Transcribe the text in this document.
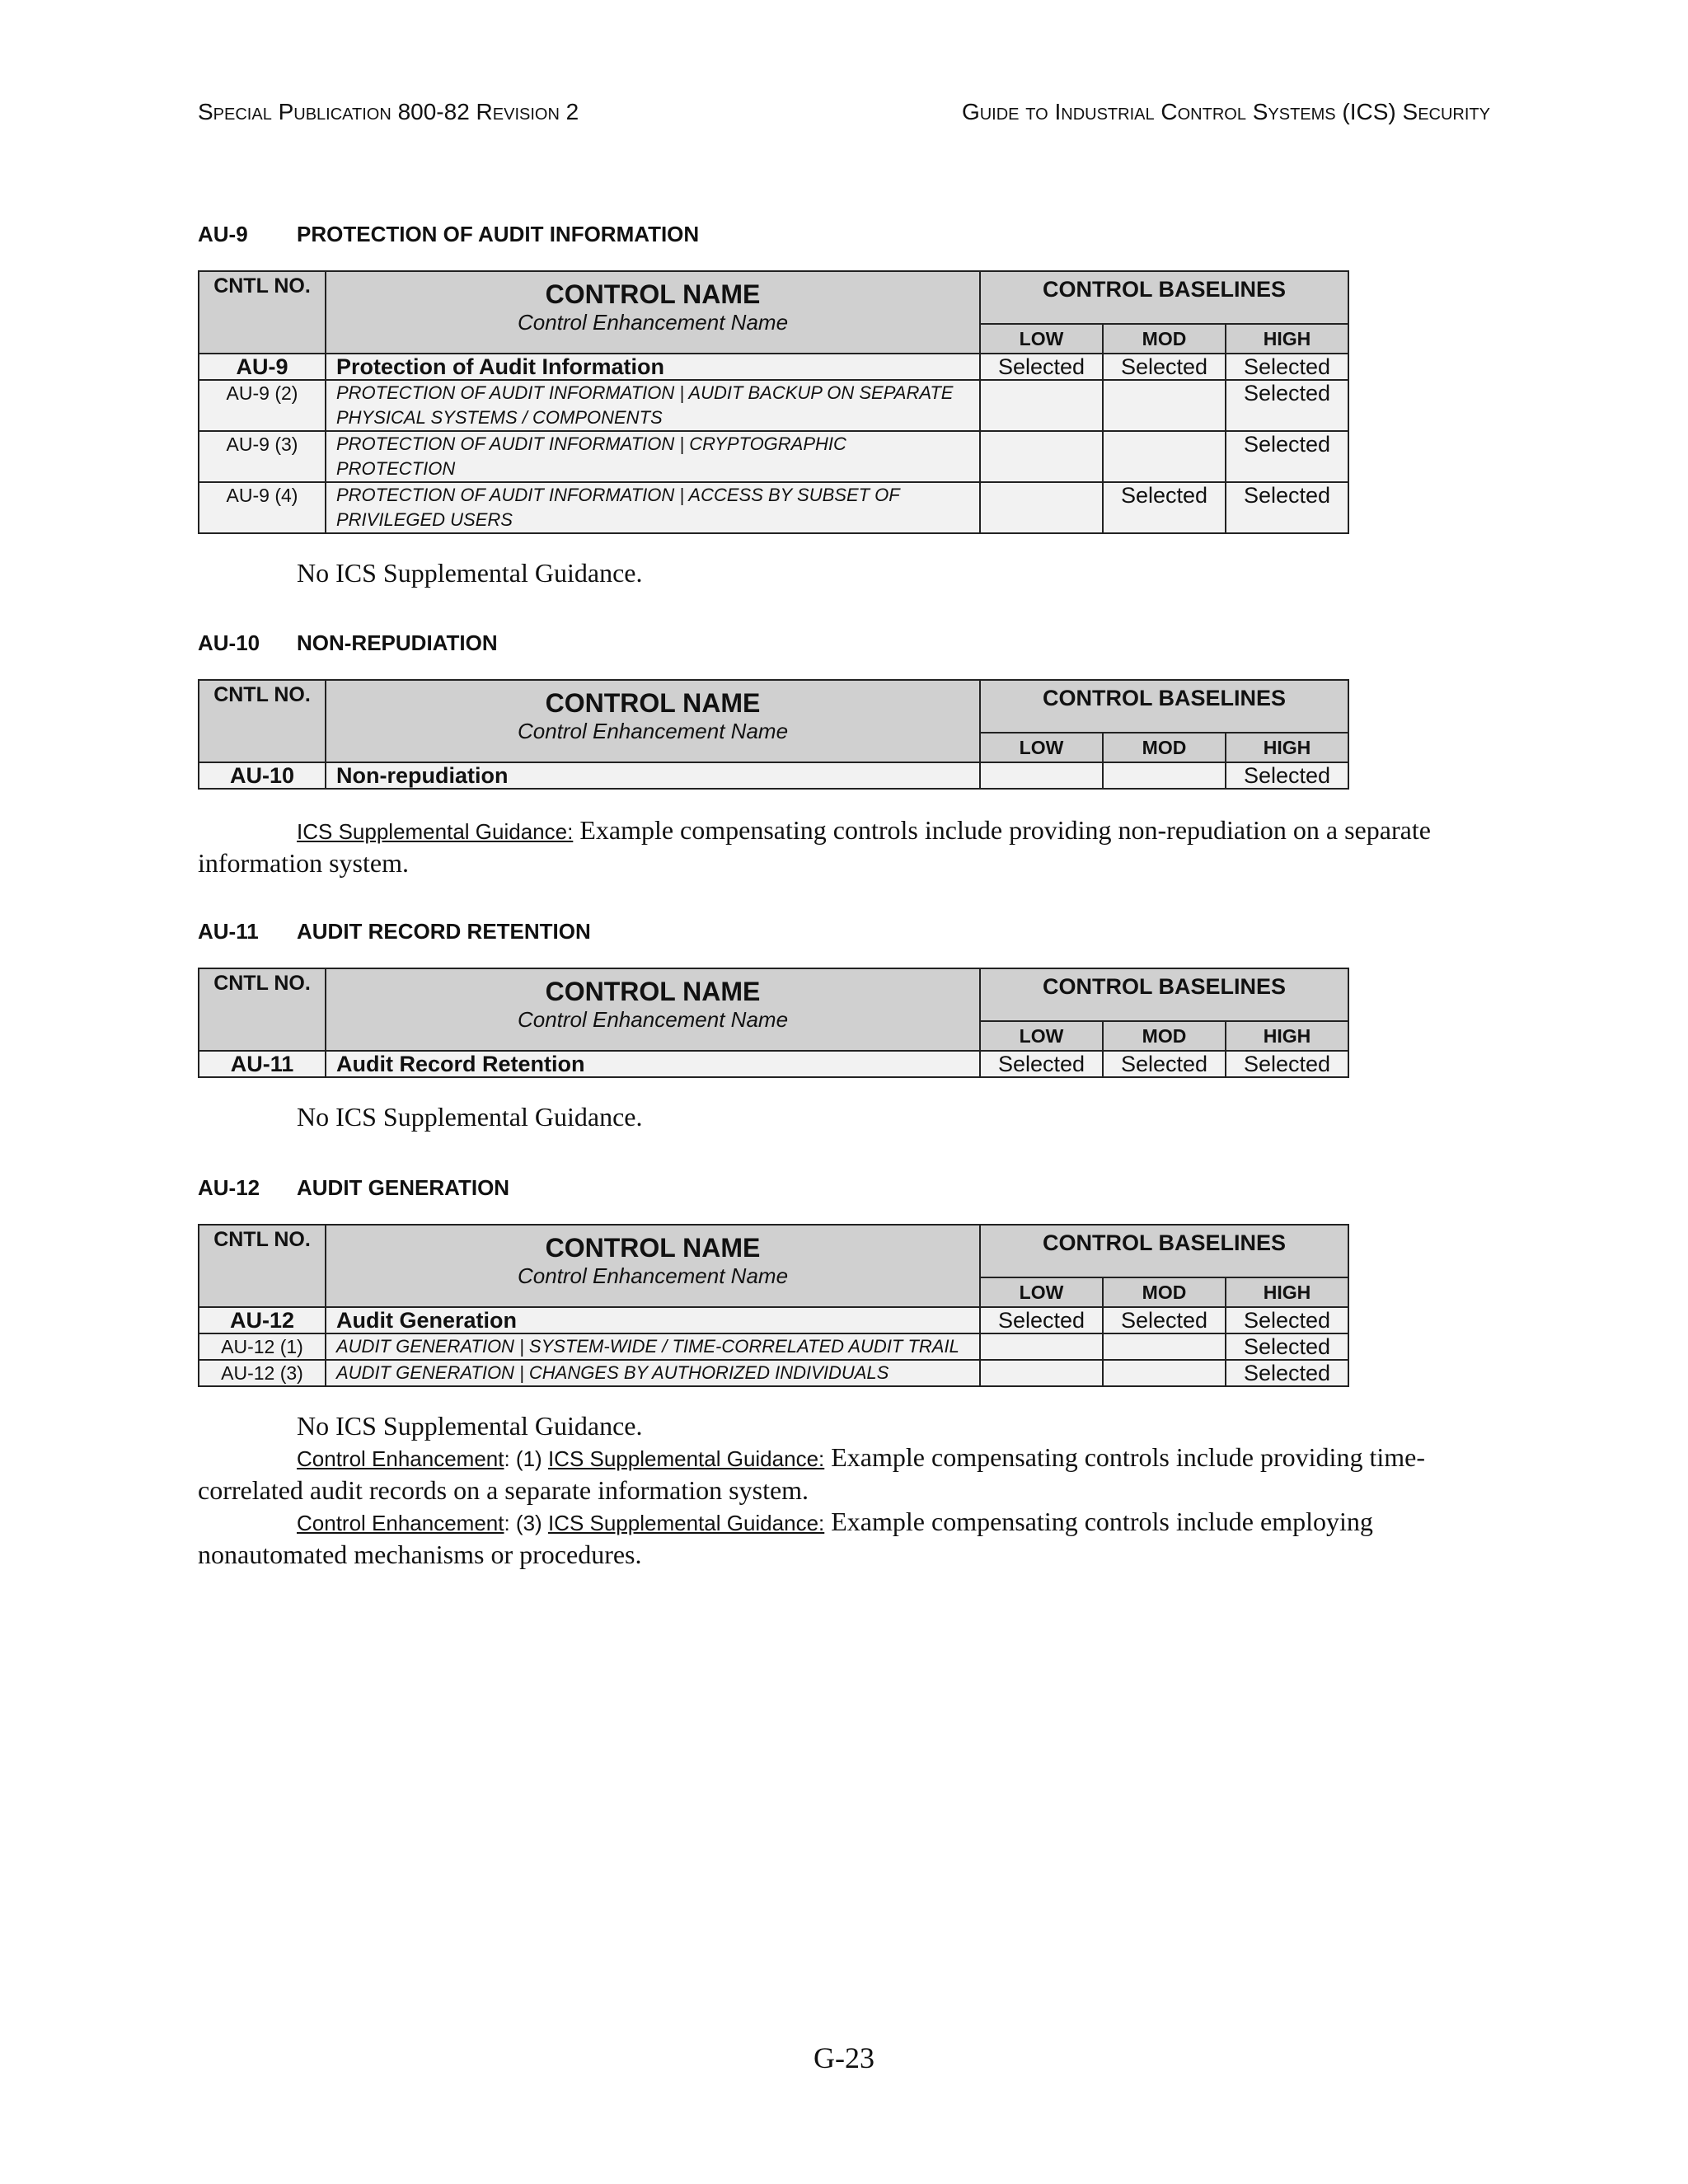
Special Publication 800-82 Revision 2	Guide to Industrial Control Systems (ICS) Security
AU-9 PROTECTION OF AUDIT INFORMATION
CNTL NO.	CONTROL NAME
Control Enhancement Name	CONTROL BASELINES		
		LOW	MOD	HIGH
AU-9	Protection of Audit Information	Selected	Selected	Selected
AU-9 (2)	PROTECTION OF AUDIT INFORMATION | AUDIT BACKUP ON SEPARATE PHYSICAL SYSTEMS / COMPONENTS			Selected
AU-9 (3)	PROTECTION OF AUDIT INFORMATION | CRYPTOGRAPHIC PROTECTION			Selected
AU-9 (4)	PROTECTION OF AUDIT INFORMATION | ACCESS BY SUBSET OF PRIVILEGED USERS		Selected	Selected
No ICS Supplemental Guidance.
AU-10 NON-REPUDIATION
CNTL NO.	CONTROL NAME
Control Enhancement Name	CONTROL BASELINES		
		LOW	MOD	HIGH
AU-10	Non-repudiation			Selected
ICS Supplemental Guidance: Example compensating controls include providing non-repudiation on a separate information system.
AU-11 AUDIT RECORD RETENTION
CNTL NO.	CONTROL NAME
Control Enhancement Name	CONTROL BASELINES		
		LOW	MOD	HIGH
AU-11	Audit Record Retention	Selected	Selected	Selected
No ICS Supplemental Guidance.
AU-12 AUDIT GENERATION
CNTL NO.	CONTROL NAME
Control Enhancement Name	CONTROL BASELINES		
		LOW	MOD	HIGH
AU-12	Audit Generation	Selected	Selected	Selected
AU-12 (1)	AUDIT GENERATION | SYSTEM-WIDE / TIME-CORRELATED AUDIT TRAIL			Selected
AU-12 (3)	AUDIT GENERATION | CHANGES BY AUTHORIZED INDIVIDUALS			Selected
No ICS Supplemental Guidance.
Control Enhancement: (1) ICS Supplemental Guidance: Example compensating controls include providing time-correlated audit records on a separate information system.
Control Enhancement: (3) ICS Supplemental Guidance: Example compensating controls include employing nonautomated mechanisms or procedures.
G-23
